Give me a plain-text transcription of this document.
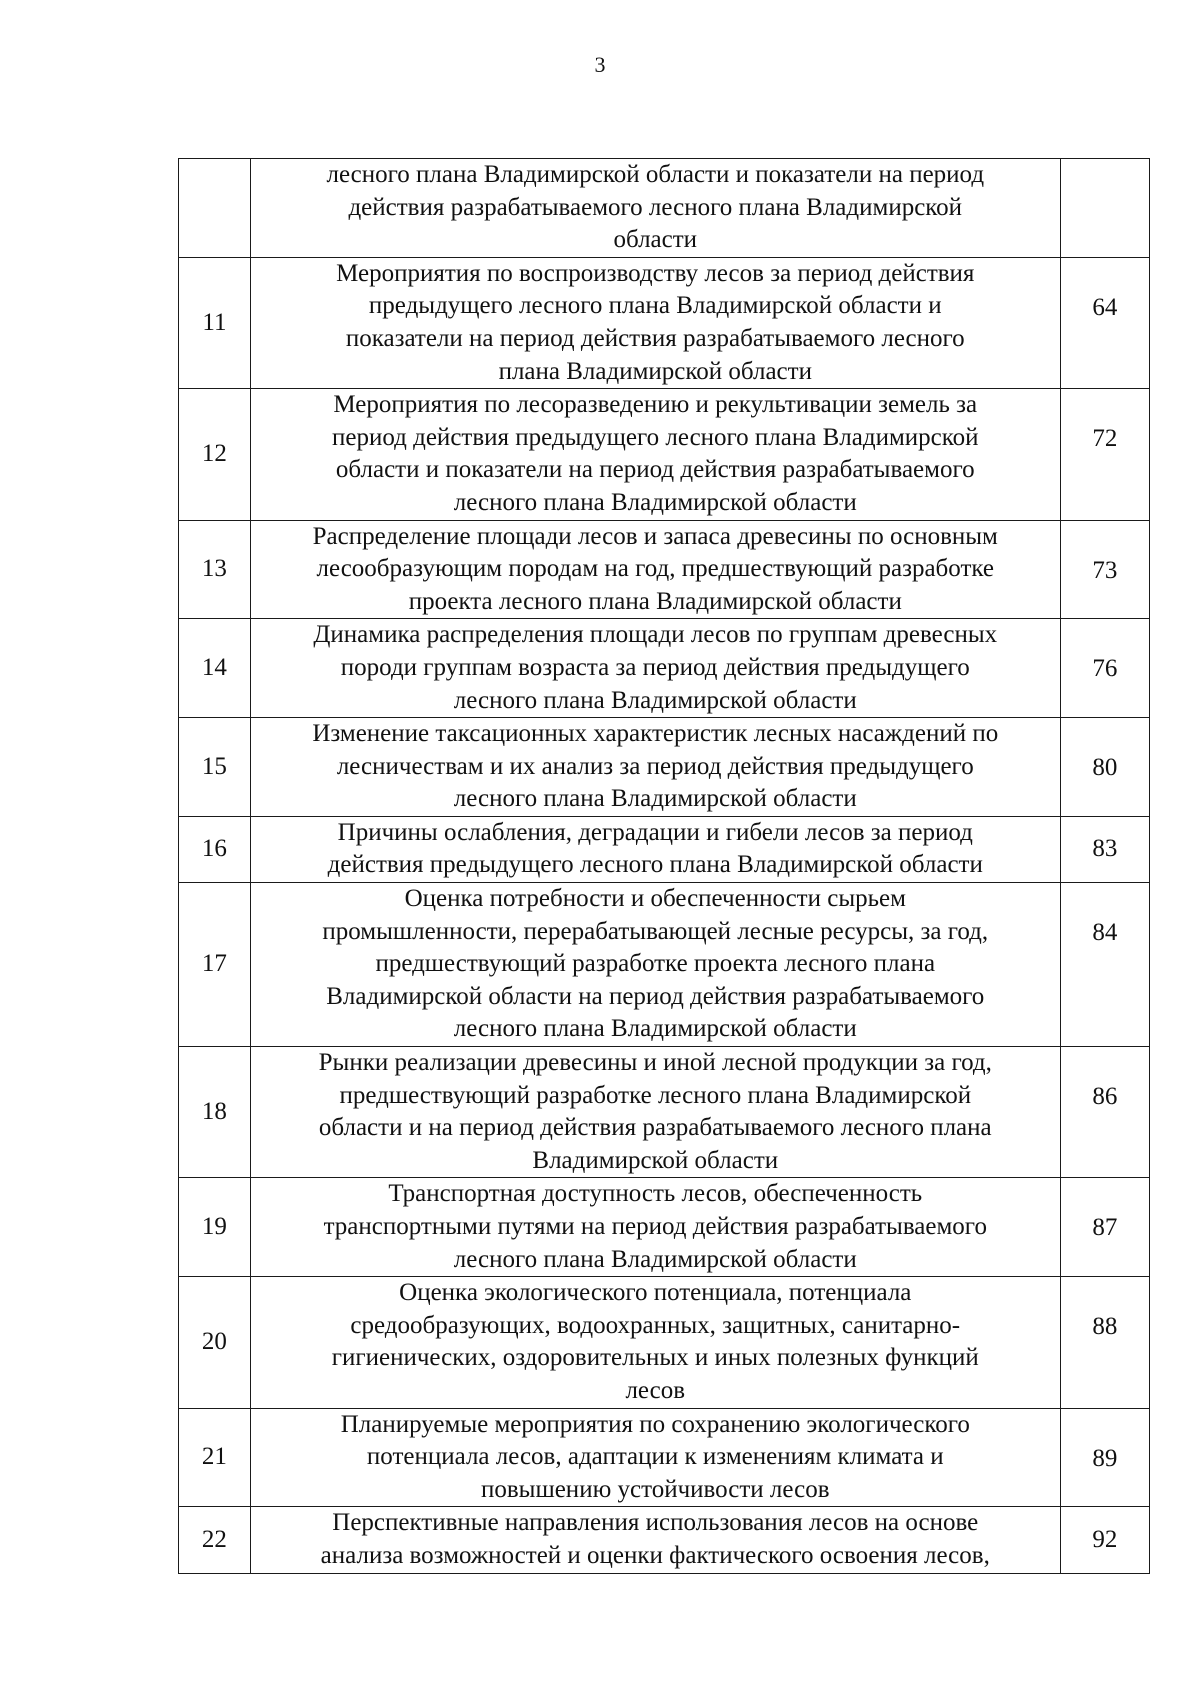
3

	лесного плана Владимирской области и показатели на период
действия разрабатываемого лесного плана Владимирской
области	

11	Мероприятия по воспроизводству лесов за период действия
предыдущего лесного плана Владимирской области и
показатели на период действия разрабатываемого лесного
плана Владимирской области	64
12	Мероприятия по лесоразведению и рекультивации земель за
период действия предыдущего лесного плана Владимирской
области и показатели на период действия разрабатываемого
лесного плана Владимирской области	72
13	Распределение площади лесов и запаса древесины по основным
лесообразующим породам на год, предшествующий разработке
проекта лесного плана Владимирской области	73
14	Динамика распределения площади лесов по группам древесных
породи группам возраста за период действия предыдущего
лесного плана Владимирской области	76
15	Изменение таксационных характеристик лесных насаждений по
лесничествам и их анализ за период действия предыдущего
лесного плана Владимирской области	80
16	Причины ослабления, деградации и гибели лесов за период
действия предыдущего лесного плана Владимирской области	83
17	Оценка потребности и обеспеченности сырьем
промышленности, перерабатывающей лесные ресурсы, за год,
предшествующий разработке проекта лесного плана
Владимирской области на период действия разрабатываемого
лесного плана Владимирской области	84
18	Рынки реализации древесины и иной лесной продукции за год,
предшествующий разработке лесного плана Владимирской
области и на период действия разрабатываемого лесного плана
Владимирской области	86
19	Транспортная доступность лесов, обеспеченность
транспортными путями на период действия разрабатываемого
лесного плана Владимирской области	87
20	Оценка экологического потенциала, потенциала
средообразующих, водоохранных, защитных, санитарно-
гигиенических, оздоровительных и иных полезных функций
лесов	88
21	Планируемые мероприятия по сохранению экологического
потенциала лесов, адаптации к изменениям климата и
повышению устойчивости лесов	89
22	Перспективные направления использования лесов на основе
анализа возможностей и оценки фактического освоения лесов,	92
